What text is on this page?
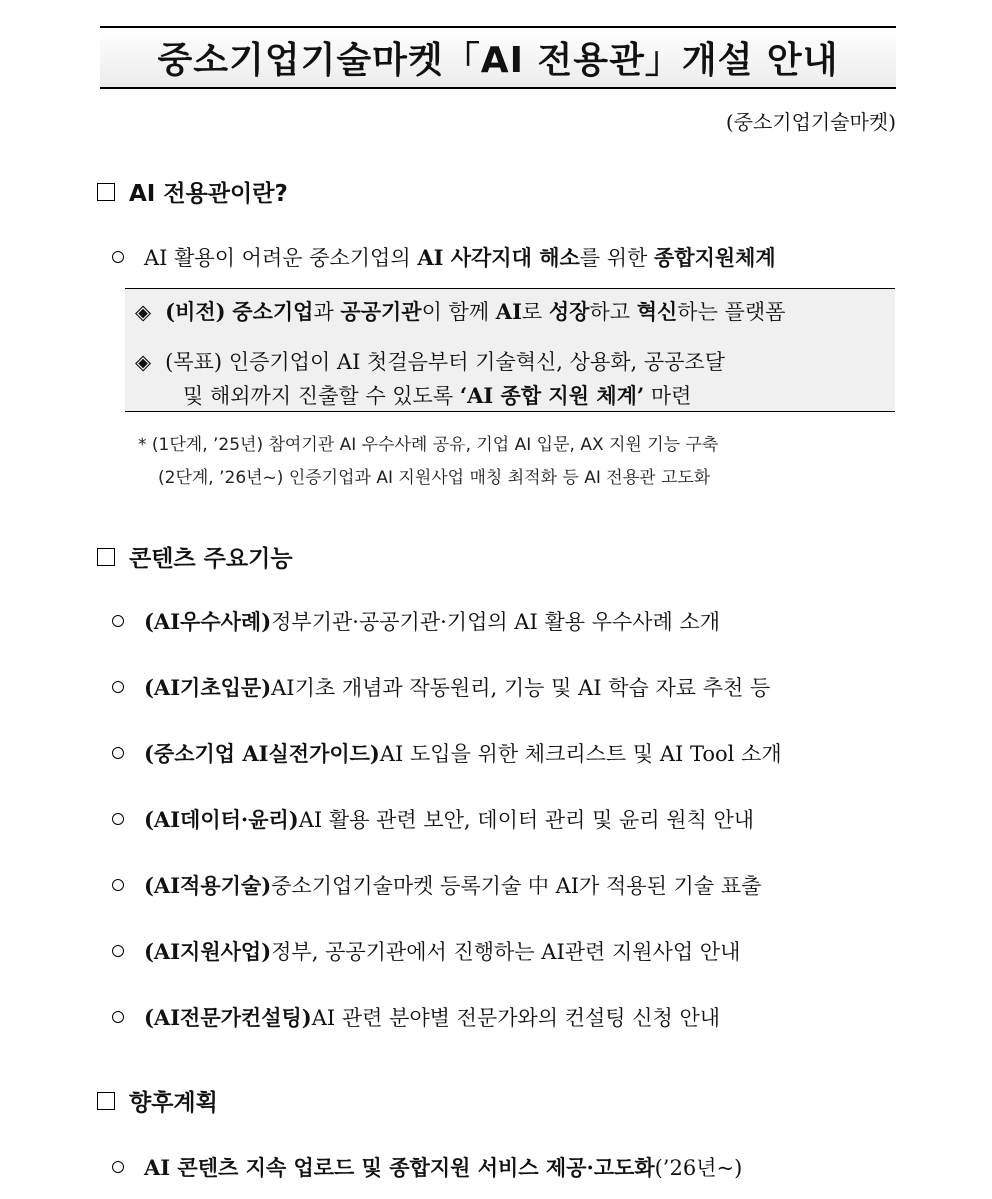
중소기업기술마켓「AI 전용관」개설 안내
(중소기업기술마켓)
AI 전용관이란?
AI 활용이 어려운 중소기업의 AI 사각지대 해소를 위한 종합지원체계
◈ (비전) 중소기업과 공공기관이 함께 AI로 성장하고 혁신하는 플랫폼
◈ (목표) 인증기업이 AI 첫걸음부터 기술혁신, 상용화, 공공조달
및 해외까지 진출할 수 있도록 ‘AI 종합 지원 체계’ 마련
* (1단계, ’25년) 참여기관 AI 우수사례 공유, 기업 AI 입문, AX 지원 기능 구축
(2단계, ’26년~) 인증기업과 AI 지원사업 매칭 최적화 등 AI 전용관 고도화
콘텐츠 주요기능
(AI우수사례) 정부기관·공공기관·기업의 AI 활용 우수사례 소개
(AI기초입문) AI기초 개념과 작동원리, 기능 및 AI 학습 자료 추천 등
(중소기업 AI실전가이드) AI 도입을 위한 체크리스트 및 AI Tool 소개
(AI데이터·윤리) AI 활용 관련 보안, 데이터 관리 및 윤리 원칙 안내
(AI적용기술) 중소기업기술마켓 등록기술 中 AI가 적용된 기술 표출
(AI지원사업) 정부, 공공기관에서 진행하는 AI관련 지원사업 안내
(AI전문가컨설팅) AI 관련 분야별 전문가와의 컨설팅 신청 안내
향후계획
AI 콘텐츠 지속 업로드 및 종합지원 서비스 제공·고도화 (’26년~)
